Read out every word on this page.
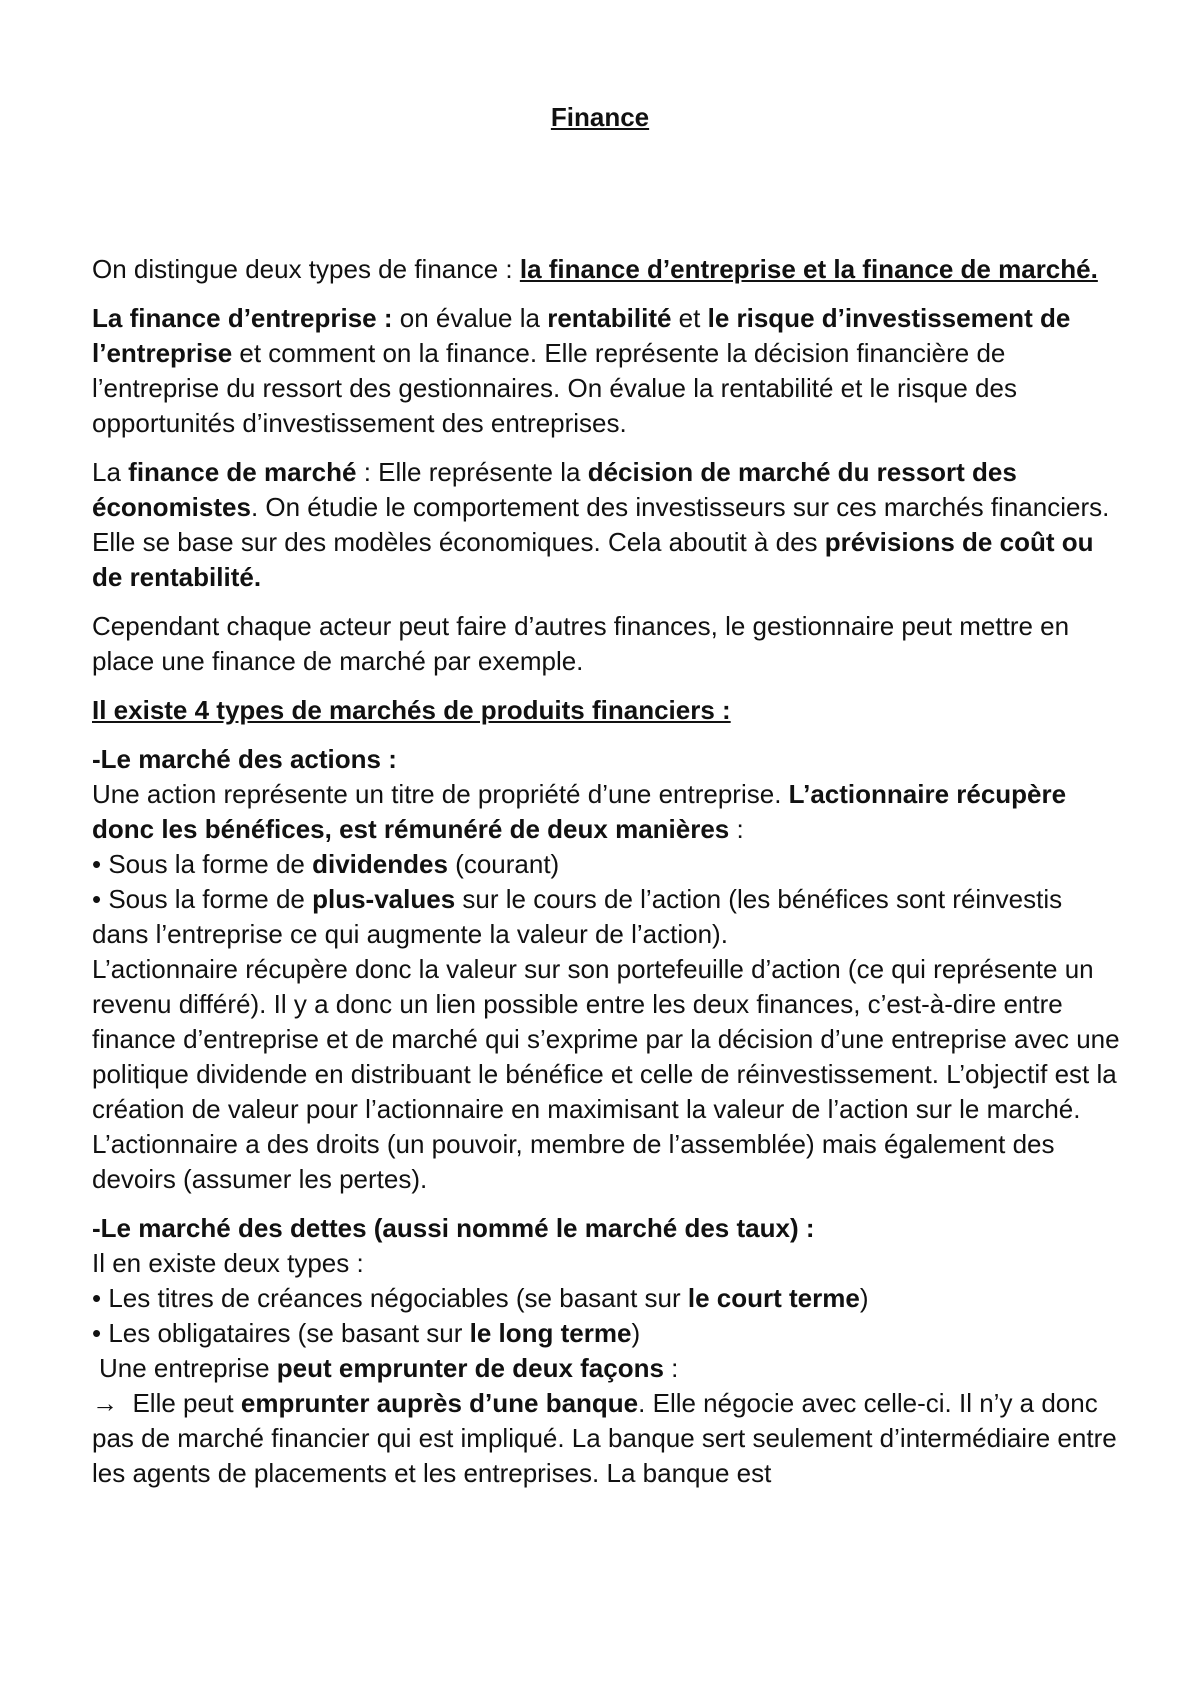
Finance

On distingue deux types de finance : la finance d’entreprise et la finance de marché.

La finance d’entreprise : on évalue la rentabilité et le risque d’investissement de l’entreprise et comment on la finance. Elle représente la décision financière de l’entreprise du ressort des gestionnaires. On évalue la rentabilité et le risque des opportunités d’investissement des entreprises.

La finance de marché : Elle représente la décision de marché du ressort des économistes. On étudie le comportement des investisseurs sur ces marchés financiers. Elle se base sur des modèles économiques. Cela aboutit à des prévisions de coût ou de rentabilité.

Cependant chaque acteur peut faire d’autres finances, le gestionnaire peut mettre en place une finance de marché par exemple.

Il existe 4 types de marchés de produits financiers :

-Le marché des actions :

Une action représente un titre de propriété d’une entreprise. L’actionnaire récupère donc les bénéfices, est rémunéré de deux manières :

• Sous la forme de dividendes (courant)

• Sous la forme de plus-values sur le cours de l’action (les bénéfices sont réinvestis dans l’entreprise ce qui augmente la valeur de l’action).

L’actionnaire récupère donc la valeur sur son portefeuille d’action (ce qui représente un revenu différé). Il y a donc un lien possible entre les deux finances, c’est-à-dire entre finance d’entreprise et de marché qui s’exprime par la décision d’une entreprise avec une politique dividende en distribuant le bénéfice et celle de réinvestissement. L’objectif est la création de valeur pour l’actionnaire en maximisant la valeur de l’action sur le marché. L’actionnaire a des droits (un pouvoir, membre de l’assemblée) mais également des devoirs (assumer les pertes).

-Le marché des dettes (aussi nommé le marché des taux) :

Il en existe deux types :

• Les titres de créances négociables (se basant sur le court terme)

• Les obligataires (se basant sur le long terme)

Une entreprise peut emprunter de deux façons :

→  Elle peut emprunter auprès d’une banque. Elle négocie avec celle-ci. Il n’y a donc pas de marché financier qui est impliqué. La banque sert seulement d’intermédiaire entre les agents de placements et les entreprises. La banque est
